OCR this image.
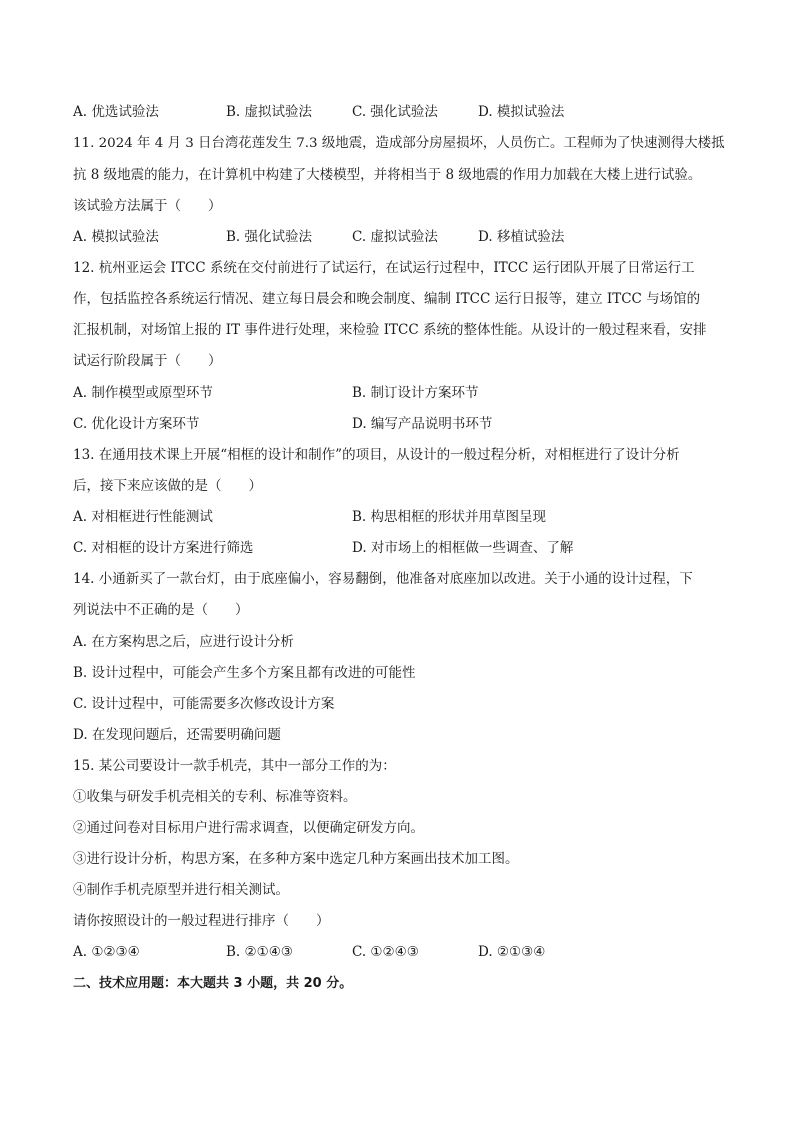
A. 优选试验法	B. 虚拟试验法	C. 强化试验法	D. 模拟试验法
11. 2024 年 4 月 3 日台湾花莲发生 7.3 级地震，造成部分房屋损坏，人员伤亡。工程师为了快速测得大楼抵
抗 8 级地震的能力，在计算机中构建了大楼模型，并将相当于 8 级地震的作用力加载在大楼上进行试验。
该试验方法属于（　　）
A. 模拟试验法	B. 强化试验法	C. 虚拟试验法	D. 移植试验法
12. 杭州亚运会 ITCC 系统在交付前进行了试运行，在试运行过程中，ITCC 运行团队开展了日常运行工
作，包括监控各系统运行情况、建立每日晨会和晚会制度、编制 ITCC 运行日报等，建立 ITCC 与场馆的
汇报机制，对场馆上报的 IT 事件进行处理，来检验 ITCC 系统的整体性能。从设计的一般过程来看，安排
试运行阶段属于（　　）
A. 制作模型或原型环节	B. 制订设计方案环节
C. 优化设计方案环节	D. 编写产品说明书环节
13. 在通用技术课上开展“相框的设计和制作”的项目，从设计的一般过程分析，对相框进行了设计分析
后，接下来应该做的是（　　）
A. 对相框进行性能测试	B. 构思相框的形状并用草图呈现
C. 对相框的设计方案进行筛选	D. 对市场上的相框做一些调查、了解
14. 小通新买了一款台灯，由于底座偏小，容易翻倒，他准备对底座加以改进。关于小通的设计过程，下
列说法中不正确的是（　　）
A. 在方案构思之后，应进行设计分析
B. 设计过程中，可能会产生多个方案且都有改进的可能性
C. 设计过程中，可能需要多次修改设计方案
D. 在发现问题后，还需要明确问题
15. 某公司要设计一款手机壳，其中一部分工作的为：
①收集与研发手机壳相关的专利、标准等资料。
②通过问卷对目标用户进行需求调查，以便确定研发方向。
③进行设计分析，构思方案，在多种方案中选定几种方案画出技术加工图。
④制作手机壳原型并进行相关测试。
请你按照设计的一般过程进行排序（　　）
A. ①②③④	B. ②①④③	C. ①②④③	D. ②①③④
二、技术应用题：本大题共 3 小题，共 20 分。
